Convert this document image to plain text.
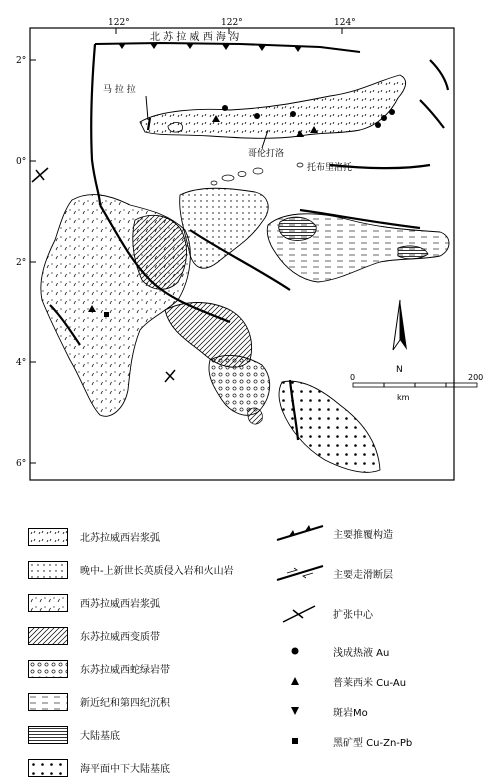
122°	122°	124°
2°
0°
2°
4°
6°
北 苏 拉 威 西 海 沟
马 拉 拉
哥伦打洛
托布里洛托
N
0	200
km
北苏拉威西岩浆弧
晚中-上新世长英质侵入岩和火山岩
西苏拉威西岩浆弧
东苏拉威西变质带
东苏拉威西蛇绿岩带
新近纪和第四纪沉积
大陆基底
海平面中下大陆基底
主要推覆构造
主要走滑断层
扩张中心
浅成热液 Au
普莱西米 Cu-Au
斑岩Mo
黑矿型 Cu-Zn-Pb
